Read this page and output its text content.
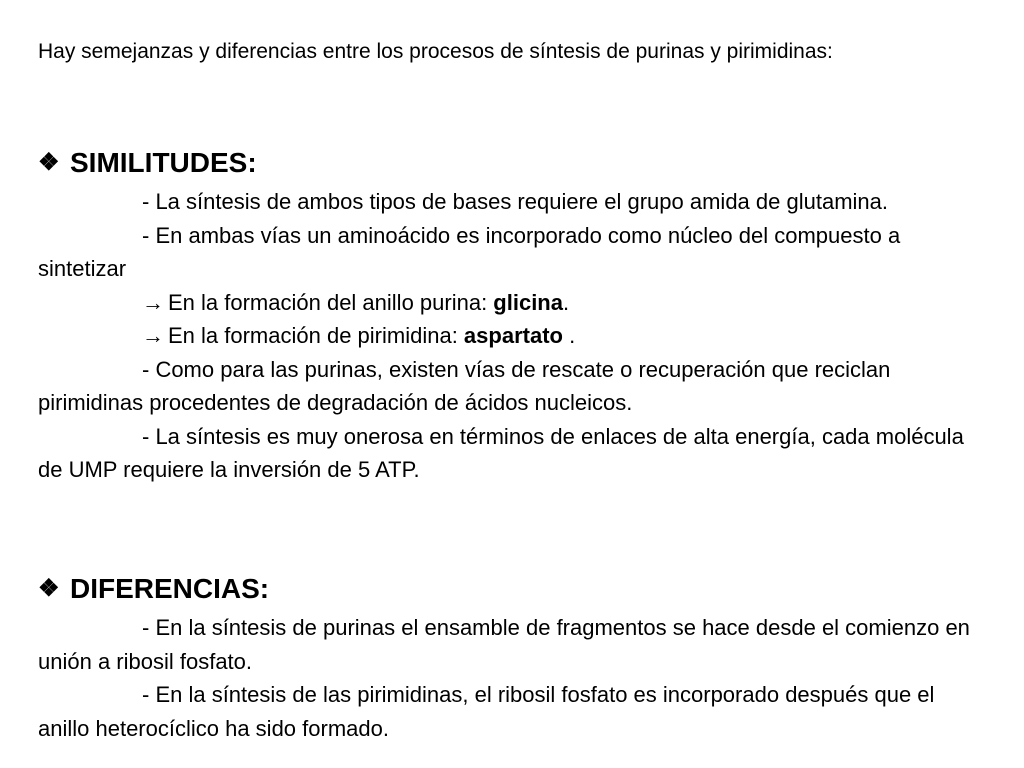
Hay semejanzas y diferencias entre los procesos de síntesis de purinas y pirimidinas:

❖ SIMILITUDES:

- La síntesis de ambos tipos de bases requiere el grupo amida de glutamina.

- En ambas vías un aminoácido es incorporado como núcleo del compuesto a sintetizar

→ En la formación del anillo purina: glicina.

→ En la formación de pirimidina: aspartato .

- Como para las purinas, existen vías de rescate o recuperación que reciclan pirimidinas procedentes de degradación de ácidos nucleicos.

- La síntesis es muy onerosa en términos de enlaces de alta energía, cada molécula de UMP requiere la inversión de 5 ATP.

❖ DIFERENCIAS:

- En la síntesis de purinas el ensamble de fragmentos se hace desde el comienzo en unión a ribosil fosfato.

- En la síntesis de las pirimidinas, el ribosil fosfato es incorporado después que el anillo heterocíclico ha sido formado.
